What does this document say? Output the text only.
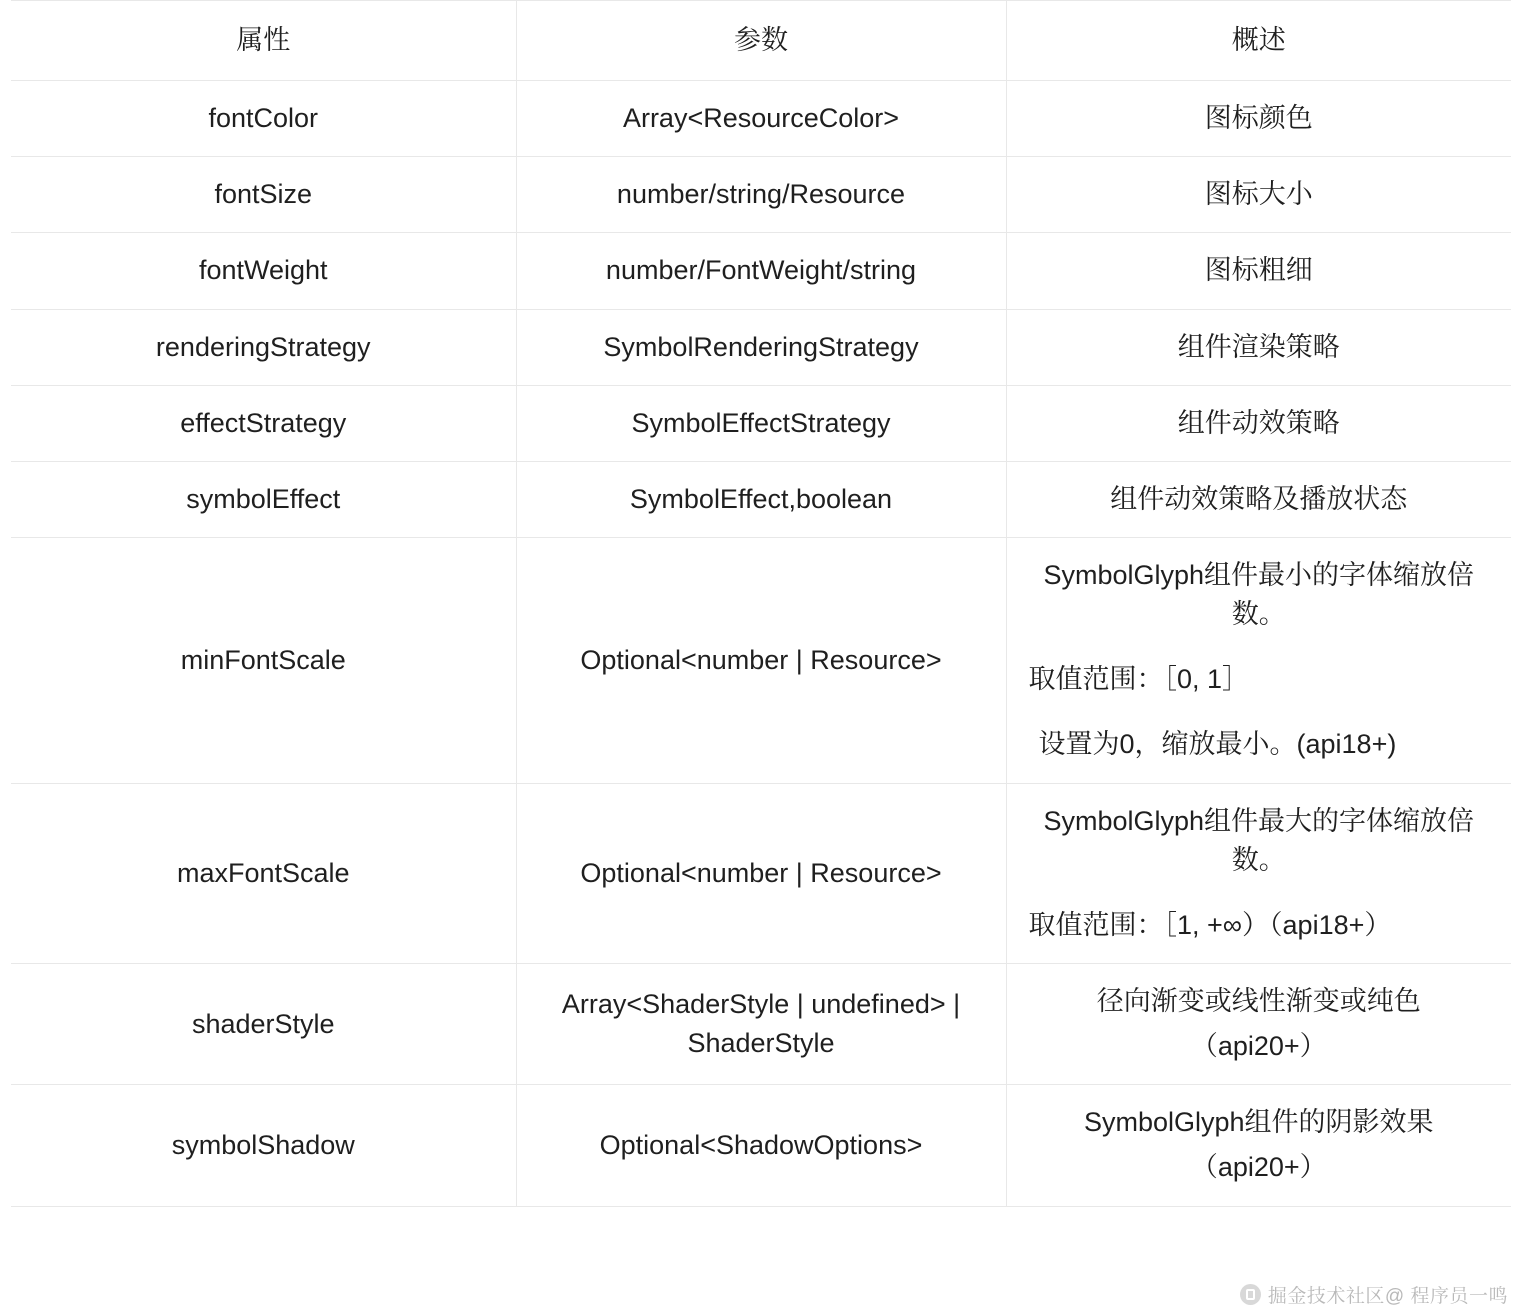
属性	参数	概述
fontColor	Array<ResourceColor>	图标颜色
fontSize	number/string/Resource	图标大小
fontWeight	number/FontWeight/string	图标粗细
renderingStrategy	SymbolRenderingStrategy	组件渲染策略
effectStrategy	SymbolEffectStrategy	组件动效策略
symbolEffect	SymbolEffect,boolean	组件动效策略及播放状态
minFontScale	Optional<number | Resource>	SymbolGlyph组件最小的字体缩放倍数。

取值范围：［0, 1］

设置为0，缩放最小。(api18+)

maxFontScale	Optional<number | Resource>	SymbolGlyph组件最大的字体缩放倍数。

取值范围：［1, +∞）（api18+）

shaderStyle	Array<ShaderStyle | undefined> | ShaderStyle	径向渐变或线性渐变或纯色

（api20+）

symbolShadow	Optional<ShadowOptions>	SymbolGlyph组件的阴影效果

（api20+）

掘金技术社区@ 程序员一鸣
